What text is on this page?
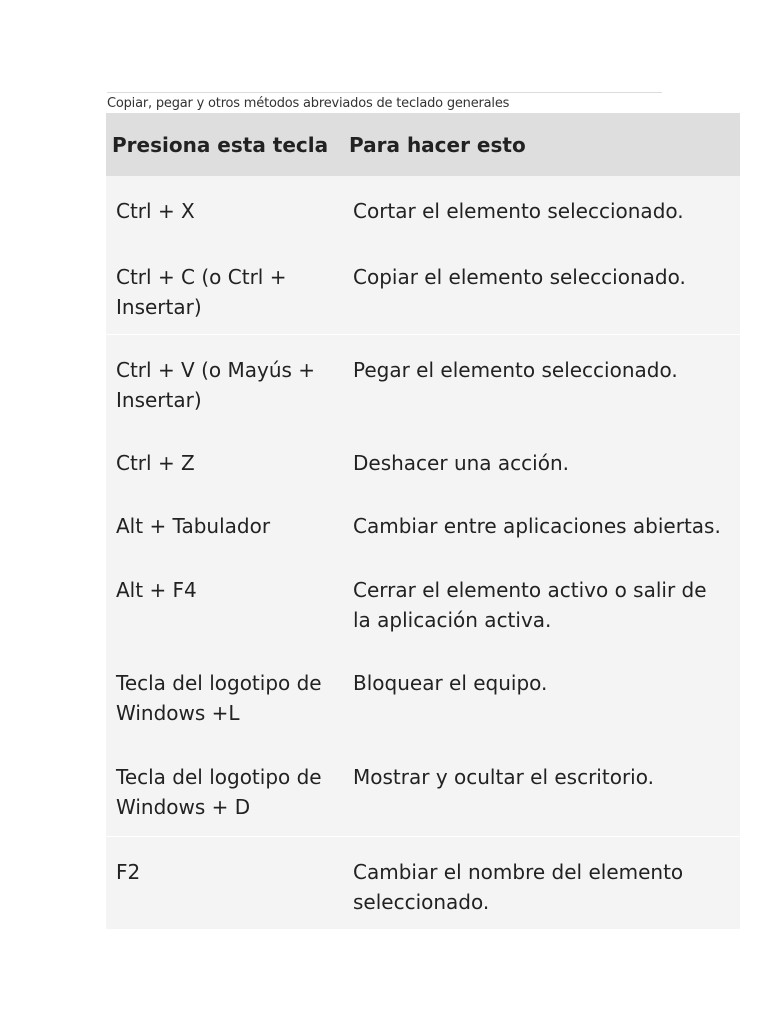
Copiar, pegar y otros métodos abreviados de teclado generales
Presiona esta tecla	Para hacer esto
Ctrl + X	Cortar el elemento seleccionado.
Ctrl + C (o Ctrl + Insertar)	Copiar el elemento seleccionado.
Ctrl + V (o Mayús + Insertar)	Pegar el elemento seleccionado.
Ctrl + Z	Deshacer una acción.
Alt + Tabulador	Cambiar entre aplicaciones abiertas.
Alt + F4	Cerrar el elemento activo o salir de la aplicación activa.
Tecla del logotipo de Windows +L	Bloquear el equipo.
Tecla del logotipo de Windows + D	Mostrar y ocultar el escritorio.
F2	Cambiar el nombre del elemento seleccionado.
